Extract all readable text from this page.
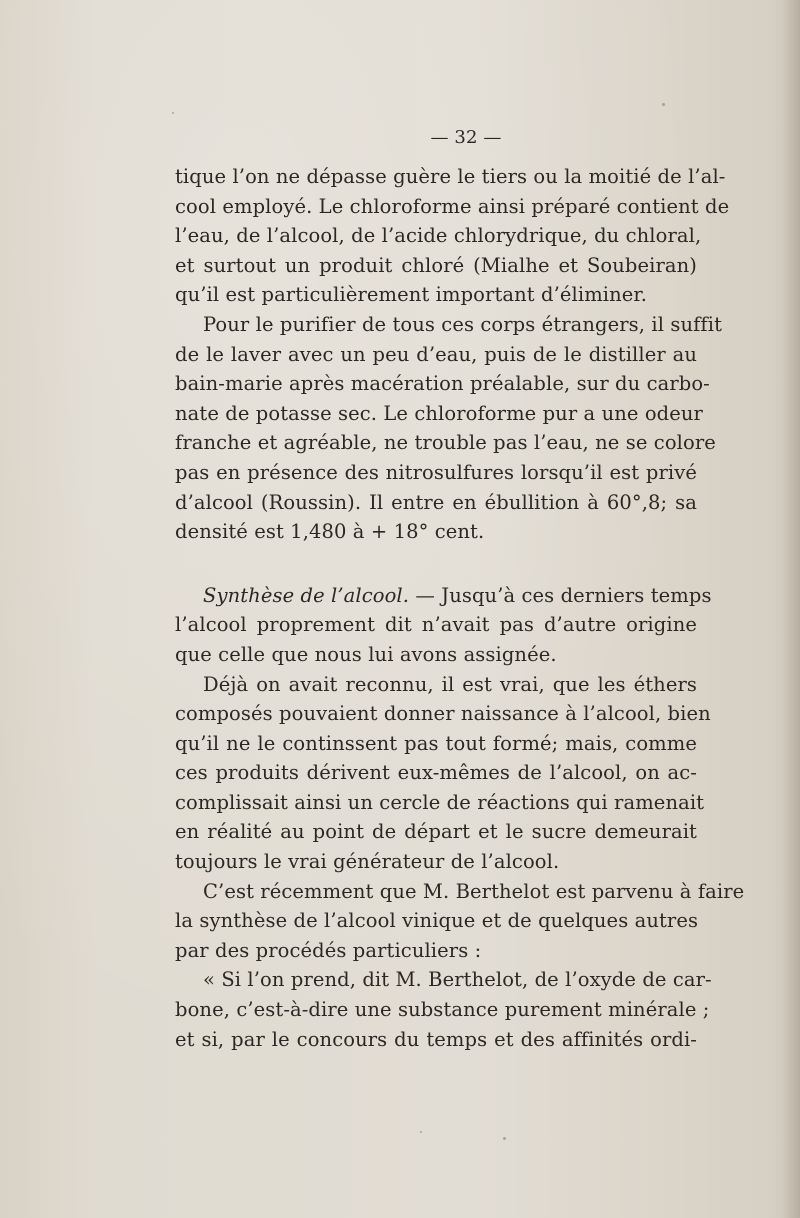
— 32 —

tique l’on ne dépasse guère le tiers ou la moitié de l’al-
cool employé. Le chloroforme ainsi préparé contient de
l’eau, de l’alcool, de l’acide chlorydrique, du chloral,
et surtout un produit chloré (Mialhe et Soubeiran)
qu’il est particulièrement important d’éliminer.

Pour le purifier de tous ces corps étrangers, il suffit
de le laver avec un peu d’eau, puis de le distiller au
bain-marie après macération préalable, sur du carbo-
nate de potasse sec. Le chloroforme pur a une odeur
franche et agréable, ne trouble pas l’eau, ne se colore
pas en présence des nitrosulfures lorsqu’il est privé
d’alcool (Roussin). Il entre en ébullition à 60°,8; sa
densité est 1,480 à + 18° cent.

Synthèse de l’alcool. — Jusqu’à ces derniers temps
l’alcool proprement dit n’avait pas d’autre origine
que celle que nous lui avons assignée.

Déjà on avait reconnu, il est vrai, que les éthers
composés pouvaient donner naissance à l’alcool, bien
qu’il ne le continssent pas tout formé; mais, comme
ces produits dérivent eux-mêmes de l’alcool, on ac-
complissait ainsi un cercle de réactions qui ramenait
en réalité au point de départ et le sucre demeurait
toujours le vrai générateur de l’alcool.

C’est récemment que M. Berthelot est parvenu à faire
la synthèse de l’alcool vinique et de quelques autres
par des procédés particuliers :

« Si l’on prend, dit M. Berthelot, de l’oxyde de car-
bone, c’est-à-dire une substance purement minérale ;
et si, par le concours du temps et des affinités ordi-
